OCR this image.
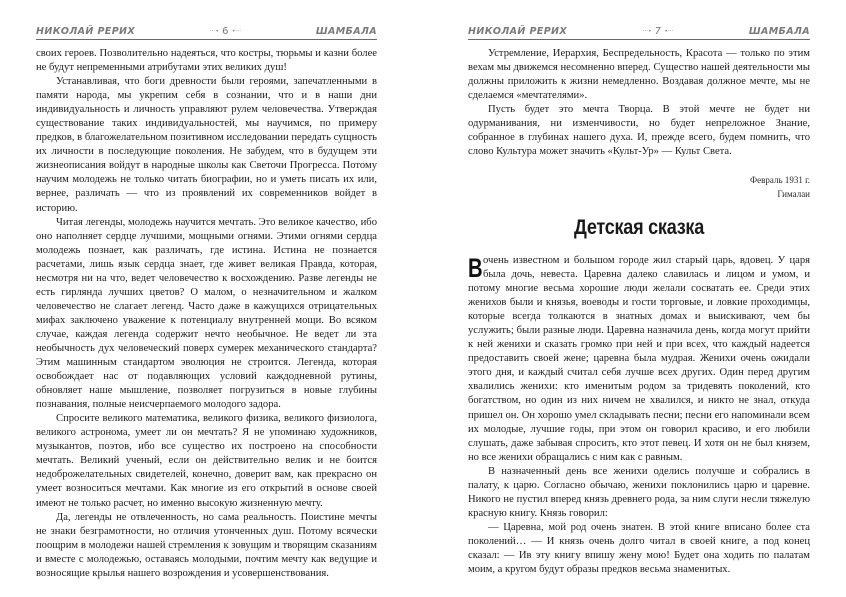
НИКОЛАЙ РЕРИХ	···• 6 •···	ШАМБАЛА

своих героев. Позволительно надеяться, что костры, тюрьмы и казни более не будут непременными атрибутами этих великих душ!

Устанавливая, что боги древности были героями, запечатленными в памяти народа, мы укрепим себя в сознании, что и в наши дни индивидуальность и личность управляют рулем человечества. Утверждая существование таких индивидуальностей, мы научимся, по примеру предков, в благожелательном позитивном исследовании передать сущность их личности в последующие поколения. Не забудем, что в будущем эти жизнеописания войдут в народные школы как Светочи Прогресса. Потому научим молодежь не только читать биографии, но и уметь писать их или, вернее, различать — что из проявлений их современников войдет в историю.

Читая легенды, молодежь научится мечтать. Это великое качество, ибо оно наполняет сердце лучшими, мощными огнями. Этими огнями сердца молодежь познает, как различать, где истина. Истина не познается расчетами, лишь язык сердца знает, где живет великая Правда, которая, несмотря ни на что, ведет человечество к восхождению. Разве легенды не есть гирлянда лучших цветов? О малом, о незначительном и жалком человечество не слагает легенд. Часто даже в кажущихся отрицательных мифах заключено уважение к потенциалу внутренней мощи. Во всяком случае, каждая легенда содержит нечто необычное. Не ведет ли эта необычность дух человеческий поверх сумерек механического стандарта? Этим машинным стандартом эволюция не строится. Легенда, которая освобождает нас от подавляющих условий каждодневной рутины, обновляет наше мышление, позволяет погрузиться в новые глубины познавания, полные неисчерпаемого молодого задора.

Спросите великого математика, великого физика, великого физиолога, великого астронома, умеет ли он мечтать? Я не упоминаю художников, музыкантов, поэтов, ибо все существо их построено на способности мечтать. Великий ученый, если он действительно велик и не боится недоброжелательных свидетелей, конечно, доверит вам, как прекрасно он умеет возноситься мечтами. Как многие из его открытий в основе своей имеют не только расчет, но именно высокую жизненную мечту.

Да, легенды не отвлеченность, но сама реальность. Поистине мечты не знаки безграмотности, но отличия утонченных душ. Потому всячески поощрим в молодежи нашей стремления к зовущим и творящим сказаниям и вместе с молодежью, оставаясь молодыми, почтим мечту как ведущие и возносящие крылья нашего возрождения и усовершенствования.

НИКОЛАЙ РЕРИХ	···• 7 •···	ШАМБАЛА

Устремление, Иерархия, Беспредельность, Красота — только по этим вехам мы движемся несомненно вперед. Существо нашей деятельности мы должны приложить к жизни немедленно. Воздавая должное мечте, мы не сделаемся «мечтателями».

Пусть будет это мечта Творца. В этой мечте не будет ни одурманивания, ни изменчивости, но будет непреложное Знание, собранное в глубинах нашего духа. И, прежде всего, будем помнить, что слово Культура может значить «Культ-Ур» — Культ Света.

Февраль 1931 г.
Гималаи
Детская сказка

В очень известном и большом городе жил старый царь, вдовец. У царя была дочь, невеста. Царевна далеко славилась и лицом и умом, и потому многие весьма хорошие люди желали сосватать ее. Среди этих женихов были и князья, воеводы и гости торговые, и ловкие проходимцы, которые всегда толкаются в знатных домах и выискивают, чем бы услужить; были разные люди. Царевна назначила день, когда могут прийти к ней женихи и сказать громко при ней и при всех, что каждый надеется предоставить своей жене; царевна была мудрая. Женихи очень ожидали этого дня, и каждый считал себя лучше всех других. Один перед другим хвалились женихи: кто именитым родом за тридевять поколений, кто богатством, но один из них ничем не хвалился, и никто не знал, откуда пришел он. Он хорошо умел складывать песни; песни его напоминали всем их молодые, лучшие годы, при этом он говорил красиво, и его любили слушать, даже забывая спросить, кто этот певец. И хотя он не был князем, но все женихи обращались с ним как с равным.

В назначенный день все женихи оделись получше и собрались в палату, к царю. Согласно обычаю, женихи поклонились царю и царевне. Никого не пустил вперед князь древнего рода, за ним слуги несли тяжелую красную книгу. Князь говорил:

— Царевна, мой род очень знатен. В этой книге вписано более ста поколений… — И князь очень долго читал в своей книге, а под конец сказал: — Ив эту книгу впишу жену мою! Будет она ходить по палатам моим, а кругом будут образы предков весьма знаменитых.
